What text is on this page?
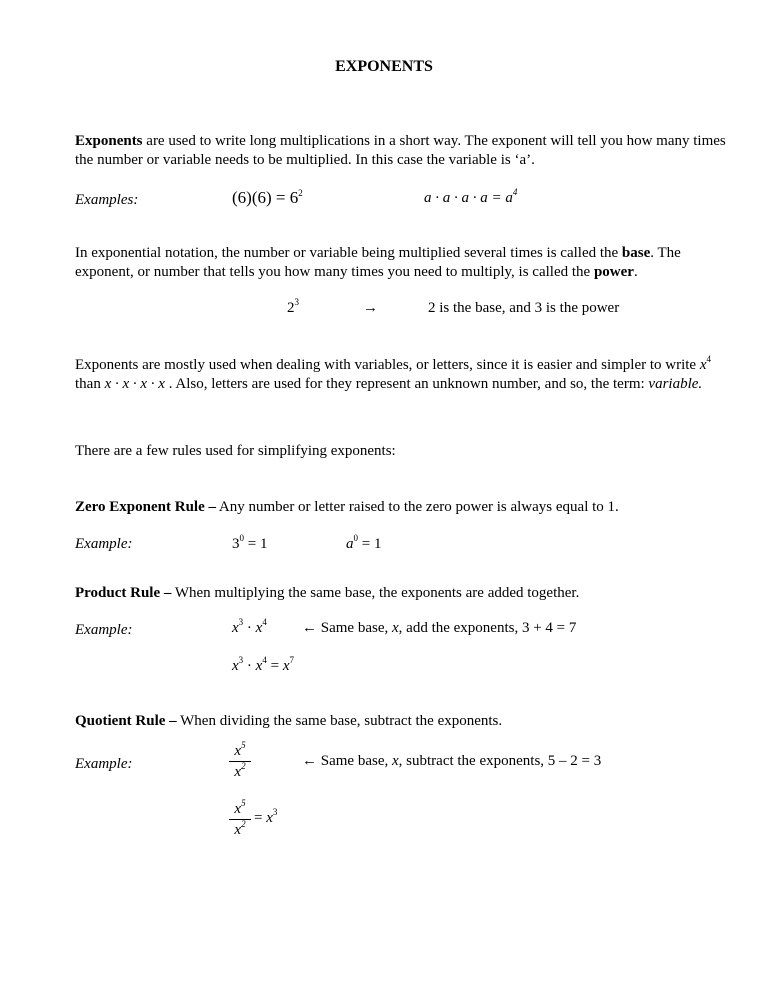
EXPONENTS
Exponents are used to write long multiplications in a short way. The exponent will tell you how many times the number or variable needs to be multiplied. In this case the variable is ‘a’.
Examples:	$(6)(6) = 6^2$	$a \cdot a \cdot a \cdot a = a^4$
In exponential notation, the number or variable being multiplied several times is called the base. The exponent, or number that tells you how many times you need to multiply, is called the power.
$2^3$	→	2 is the base, and 3 is the power
Exponents are mostly used when dealing with variables, or letters, since it is easier and simpler to write $x^4$
than x · x · x · x . Also, letters are used for they represent an unknown number, and so, the term: variable.
There are a few rules used for simplifying exponents:
Zero Exponent Rule – Any number or letter raised to the zero power is always equal to 1.
Example:	$3^0 = 1$	$a^0 = 1$
Product Rule – When multiplying the same base, the exponents are added together.
Example:	$x^3 \cdot x^4$ ← Same base, x, add the exponents, 3 + 4 = 7
$x^3 \cdot x^4 = x^7$
Quotient Rule – When dividing the same base, subtract the exponents.
Example:
$x^5$
$x^2$	← Same base, x, subtract the exponents, 5 – 2 = 3
$x^5$
$x^2 = x^3$
